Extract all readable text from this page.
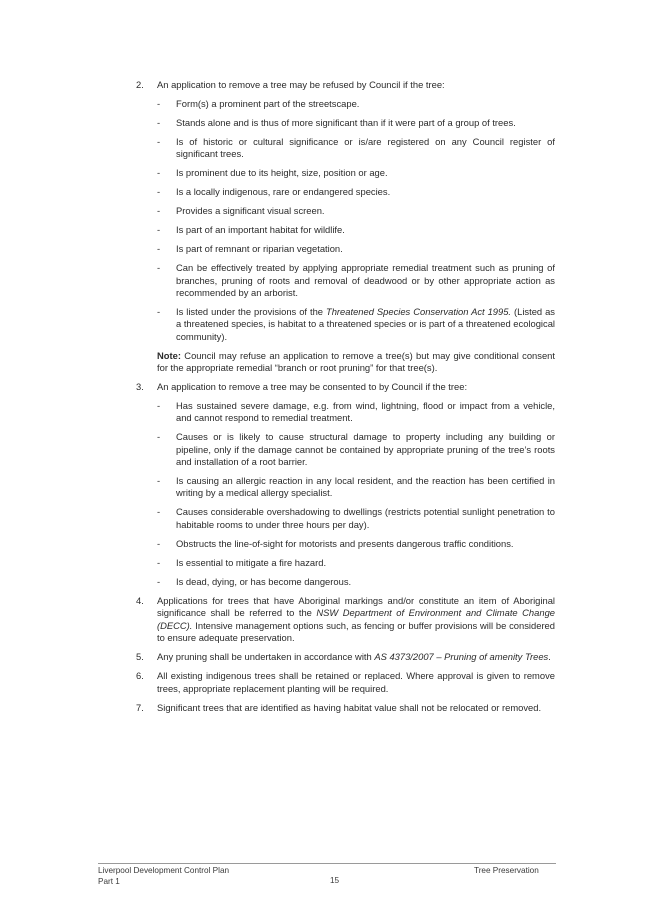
2. An application to remove a tree may be refused by Council if the tree:
- Form(s) a prominent part of the streetscape.
- Stands alone and is thus of more significant than if it were part of a group of trees.
- Is of historic or cultural significance or is/are registered on any Council register of significant trees.
- Is prominent due to its height, size, position or age.
- Is a locally indigenous, rare or endangered species.
- Provides a significant visual screen.
- Is part of an important habitat for wildlife.
- Is part of remnant or riparian vegetation.
- Can be effectively treated by applying appropriate remedial treatment such as pruning of branches, pruning of roots and removal of deadwood or by other appropriate action as recommended by an arborist.
- Is listed under the provisions of the Threatened Species Conservation Act 1995. (Listed as a threatened species, is habitat to a threatened species or is part of a threatened ecological community).
Note: Council may refuse an application to remove a tree(s) but may give conditional consent for the appropriate remedial “branch or root pruning” for that tree(s).
3. An application to remove a tree may be consented to by Council if the tree:
- Has sustained severe damage, e.g. from wind, lightning, flood or impact from a vehicle, and cannot respond to remedial treatment.
- Causes or is likely to cause structural damage to property including any building or pipeline, only if the damage cannot be contained by appropriate pruning of the tree’s roots and installation of a root barrier.
- Is causing an allergic reaction in any local resident, and the reaction has been certified in writing by a medical allergy specialist.
- Causes considerable overshadowing to dwellings (restricts potential sunlight penetration to habitable rooms to under three hours per day).
- Obstructs the line-of-sight for motorists and presents dangerous traffic conditions.
- Is essential to mitigate a fire hazard.
- Is dead, dying, or has become dangerous.
4. Applications for trees that have Aboriginal markings and/or constitute an item of Aboriginal significance shall be referred to the NSW Department of Environment and Climate Change (DECC). Intensive management options such, as fencing or buffer provisions will be considered to ensure adequate preservation.
5. Any pruning shall be undertaken in accordance with AS 4373/2007 – Pruning of amenity Trees.
6. All existing indigenous trees shall be retained or replaced. Where approval is given to remove trees, appropriate replacement planting will be required.
7. Significant trees that are identified as having habitat value shall not be relocated or removed.
Liverpool Development Control Plan
Part 1	15
Tree Preservation
